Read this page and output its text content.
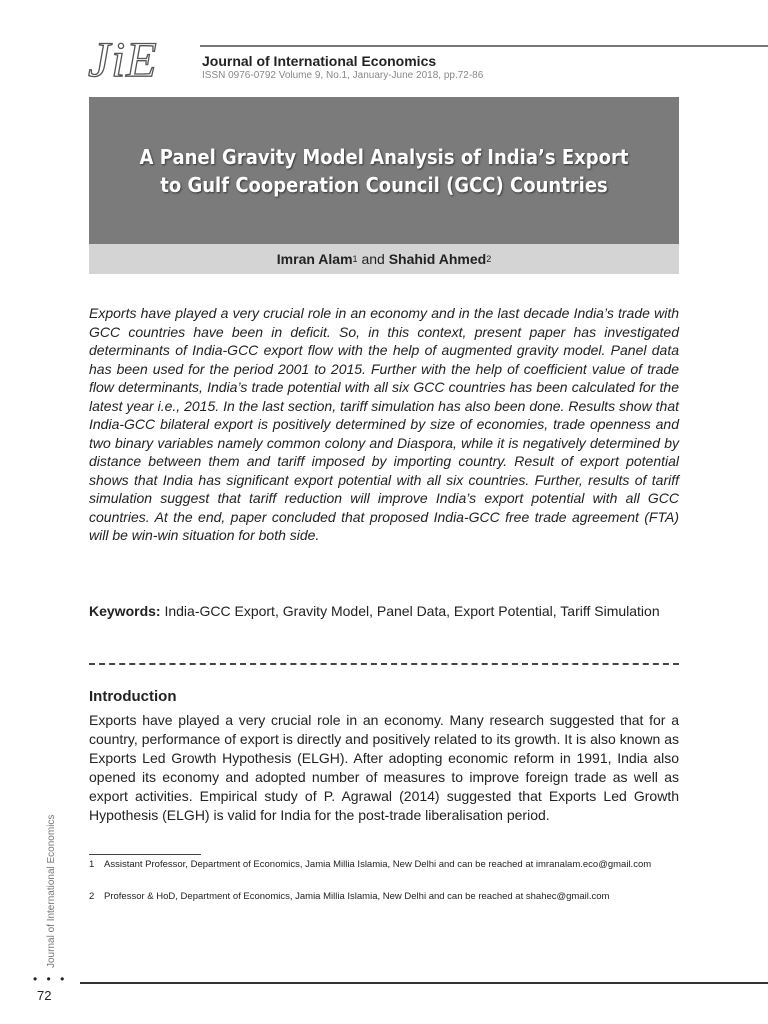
JiE	Journal of International Economics
ISSN 0976-0792 Volume 9, No.1, January-June 2018, pp.72-86
A Panel Gravity Model Analysis of India’s Export to Gulf Cooperation Council (GCC) Countries
Imran Alam 1
and
Shahid Ahmed 2

Exports have played a very crucial role in an economy and in the last decade India’s trade with GCC countries have been in deficit. So, in this context, present paper has investigated determinants of India-GCC export flow with the help of augmented gravity model. Panel data has been used for the period 2001 to 2015. Further with the help of coefficient value of trade flow determinants, India’s trade potential with all six GCC countries has been calculated for the latest year i.e., 2015. In the last section, tariff simulation has also been done. Results show that India-GCC bilateral export is positively determined by size of economies, trade openness and two binary variables namely common colony and Diaspora, while it is negatively determined by distance between them and tariff imposed by importing country. Result of export potential shows that India has significant export potential with all six countries. Further, results of tariff simulation suggest that tariff reduction will improve India’s export potential with all GCC countries. At the end, paper concluded that proposed India-GCC free trade agreement (FTA) will be win-win situation for both side.

Keywords: India-GCC Export, Gravity Model, Panel Data, Export Potential, Tariff Simulation

Introduction

Exports have played a very crucial role in an economy. Many research suggested that for a country, performance of export is directly and positively related to its growth. It is also known as Exports Led Growth Hypothesis (ELGH). After adopting economic reform in 1991, India also opened its economy and adopted number of measures to improve foreign trade as well as export activities. Empirical study of P. Agrawal (2014) suggested that Exports Led Growth Hypothesis (ELGH) is valid for India for the post-trade liberalisation period.

1	Assistant Professor, Department of Economics, Jamia Millia Islamia, New Delhi and can be reached at imranalam.eco@gmail.com
2	Professor & HoD, Department of Economics, Jamia Millia Islamia, New Delhi and can be reached at shahec@gmail.com
Journal of International Economics
• • •
72
